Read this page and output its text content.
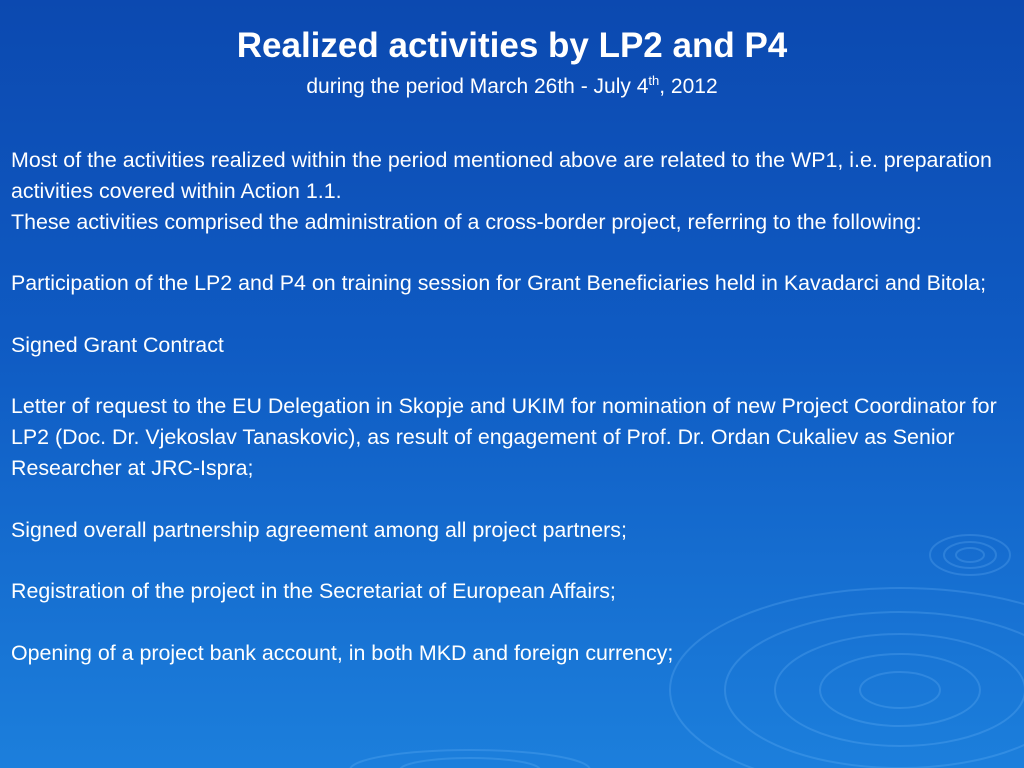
Realized activities by LP2 and P4

during the period March 26th - July 4th, 2012

Most of the activities realized within the period mentioned above are related to the WP1, i.e. preparation activities covered within Action 1.1.

These activities comprised the administration of a cross-border project, referring to the following:

Participation of the LP2 and P4 on training session for Grant Beneficiaries held in Kavadarci and Bitola;

Signed Grant Contract

Letter of request to the EU Delegation in Skopje and UKIM for nomination of new Project Coordinator for LP2 (Doc. Dr. Vjekoslav Tanaskovic), as result of engagement of Prof. Dr. Ordan Cukaliev as Senior Researcher at JRC-Ispra;

Signed overall partnership agreement among all project partners;

Registration of the project in the Secretariat of European Affairs;

Opening of a project bank account, in both MKD and foreign currency;
